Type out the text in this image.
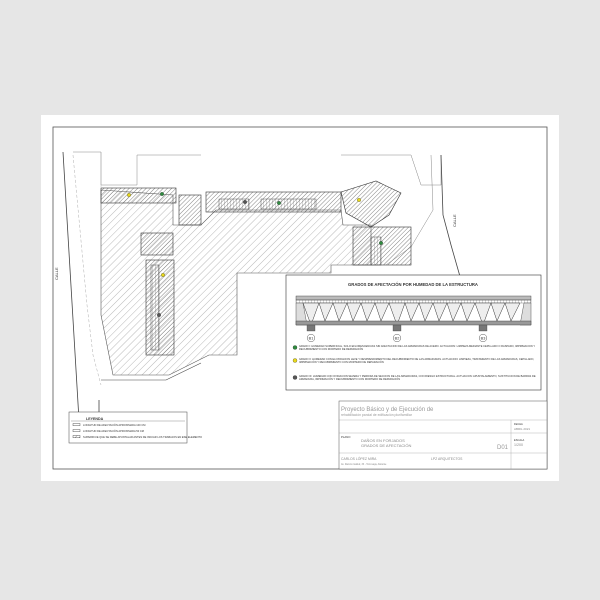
CALLE
CALLE
LEYENDA
LONGITUD DE AFECTACIÓN APROXIMADA 100 CM
LONGITUD DE AFECTACIÓN APROXIMADA 50 CM
SUPERFICIE QUE SE DEBE APUNTALAR ANTES DE INICIAR LOS TRABAJOS EN ESE ELEMENTO
GRADOS DE AFECTACIÓN POR HUMEDAD DE LA ESTRUCTURA
B1	B2	B3
GRADO I: HUMEDAD SUPERFICIAL, SOLO EFLORESCENCIAS SIN AFECTACIÓN DE LAS ARMADURAS DE ACERO. ACTUACIÓN: LIMPIEZA MEDIANTE CEPILLADO O RASPADO, IMPRIMACIÓN Y RECUBRIMIENTO CON MORTERO DE REPARACIÓN
GRADO II: HUMEDAD CON ELOXIDACIÓN LEVE Y DESPRENDIMIENTO DEL RECUBRIMIENTO DE LAS ARMADURAS. ACTUACIÓN: LIMPIEZA, TRATAMIENTO DE LAS ARMADURAS, CEPILLADO, IMPRIMACIÓN Y RECUBRIMIENTO CON MORTERO DE REPARACIÓN
GRADO III: HUMEDAD CON OXIDACIÓN SEVERA Y PÉRDIDA DE SECCIÓN DE LAS ARMADURAS, CON RIESGO ESTRUCTURAL. ACTUACIÓN: APUNTALAMIENTO, SUSTITUCIÓN DE BARRAS DE ARMADURA, IMPRIMACIÓN Y RECUBRIMIENTO CON MORTERO DE REPARACIÓN
Proyecto Básico y de Ejecución de
rehabilitación parcial de edificación plurifamiliar
PLANO
DAÑOS EN FORJADOS
GRADOS DE AFECTACIÓN	D01
FECHA
ABRIL 2021
ESCALA
1/200
CARLOS LÓPEZ MIRA	LPZ ARQUITECTOS
Av. Ramón Gallud, 33 - Torrevieja, Alicante
